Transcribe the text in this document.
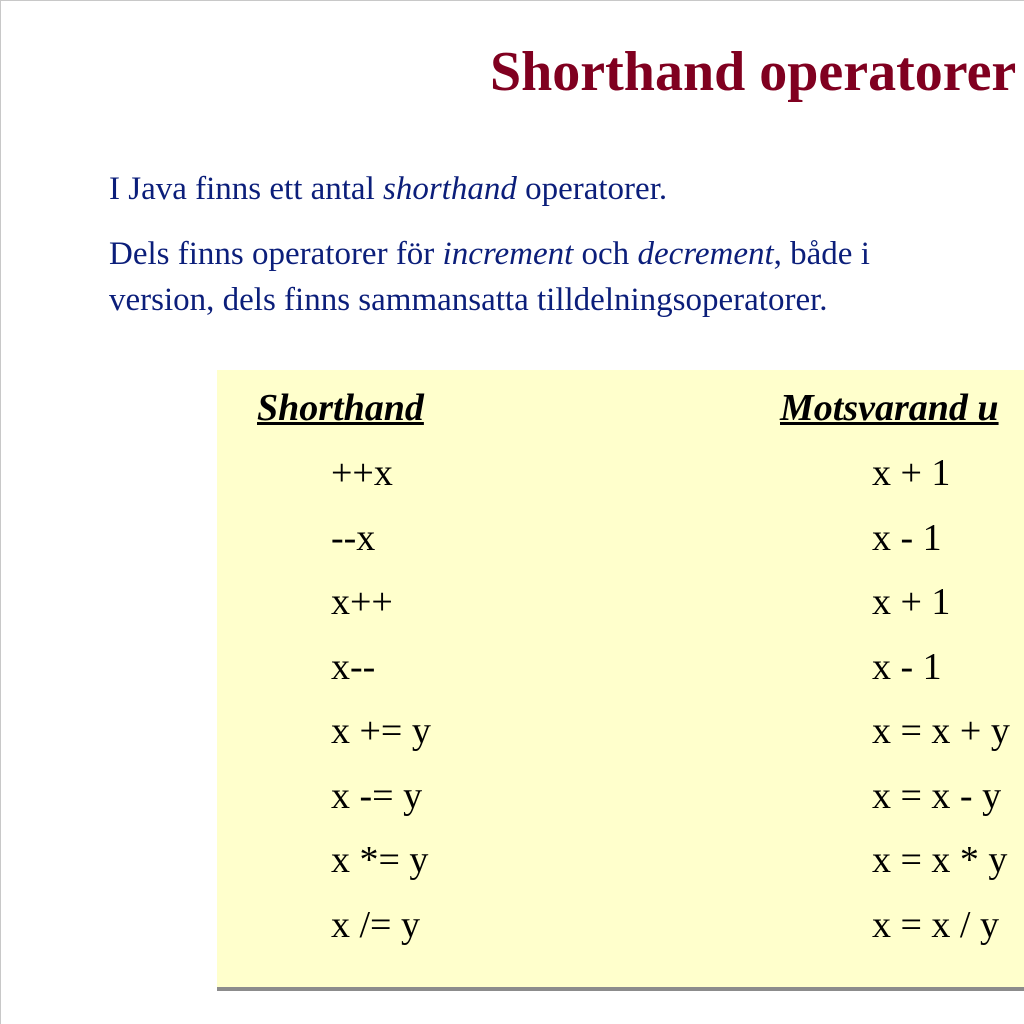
Shorthand operatorer

I Java finns ett antal shorthand operatorer.

Dels finns operatorer för increment och decrement, både i
version, dels finns sammansatta tilldelningsoperatorer.

Shorthand	Motsvarand u
++x	x + 1
--x	x - 1
x++	x + 1
x--	x - 1
x += y	x = x + y
x -= y	x = x - y
x *= y	x = x * y
x /= y	x = x / y
